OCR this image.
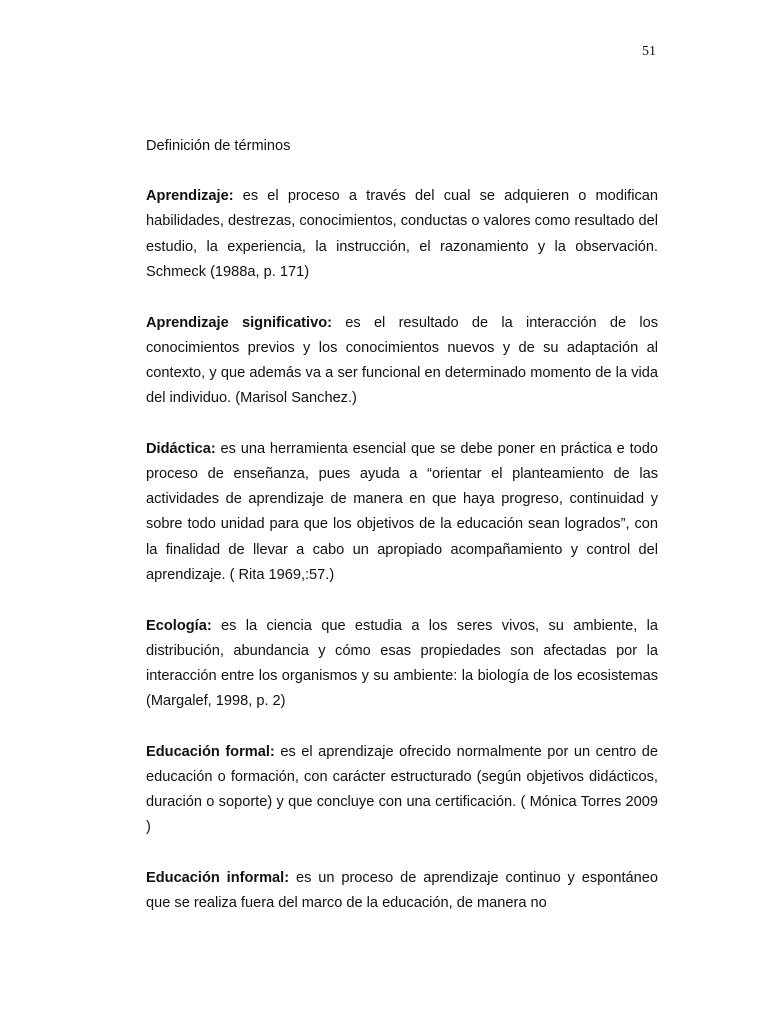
51

Definición de términos

Aprendizaje: es el proceso a través del cual se adquieren o modifican habilidades, destrezas, conocimientos, conductas o valores como resultado del estudio, la experiencia, la instrucción, el razonamiento y la observación. Schmeck (1988a, p. 171)

Aprendizaje significativo: es el resultado de la interacción de los conocimientos previos y los conocimientos nuevos y de su adaptación al contexto, y que además va a ser funcional en determinado momento de la vida del individuo. (Marisol Sanchez.)

Didáctica: es una herramienta esencial que se debe poner en práctica e todo proceso de enseñanza, pues ayuda a “orientar el planteamiento de las actividades de aprendizaje de manera en que haya progreso, continuidad y sobre todo unidad para que los objetivos de la educación sean logrados”, con la finalidad de llevar a cabo un apropiado acompañamiento y control del aprendizaje. ( Rita 1969,:57.)

Ecología: es la ciencia que estudia a los seres vivos, su ambiente, la distribución, abundancia y cómo esas propiedades son afectadas por la interacción entre los organismos y su ambiente: la biología de los ecosistemas (Margalef, 1998, p. 2)

Educación formal: es el aprendizaje ofrecido normalmente por un centro de educación o formación, con carácter estructurado (según objetivos didácticos, duración o soporte) y que concluye con una certificación. ( Mónica Torres 2009 )

Educación informal: es un proceso de aprendizaje continuo y espontáneo que se realiza fuera del marco de la educación, de manera no
